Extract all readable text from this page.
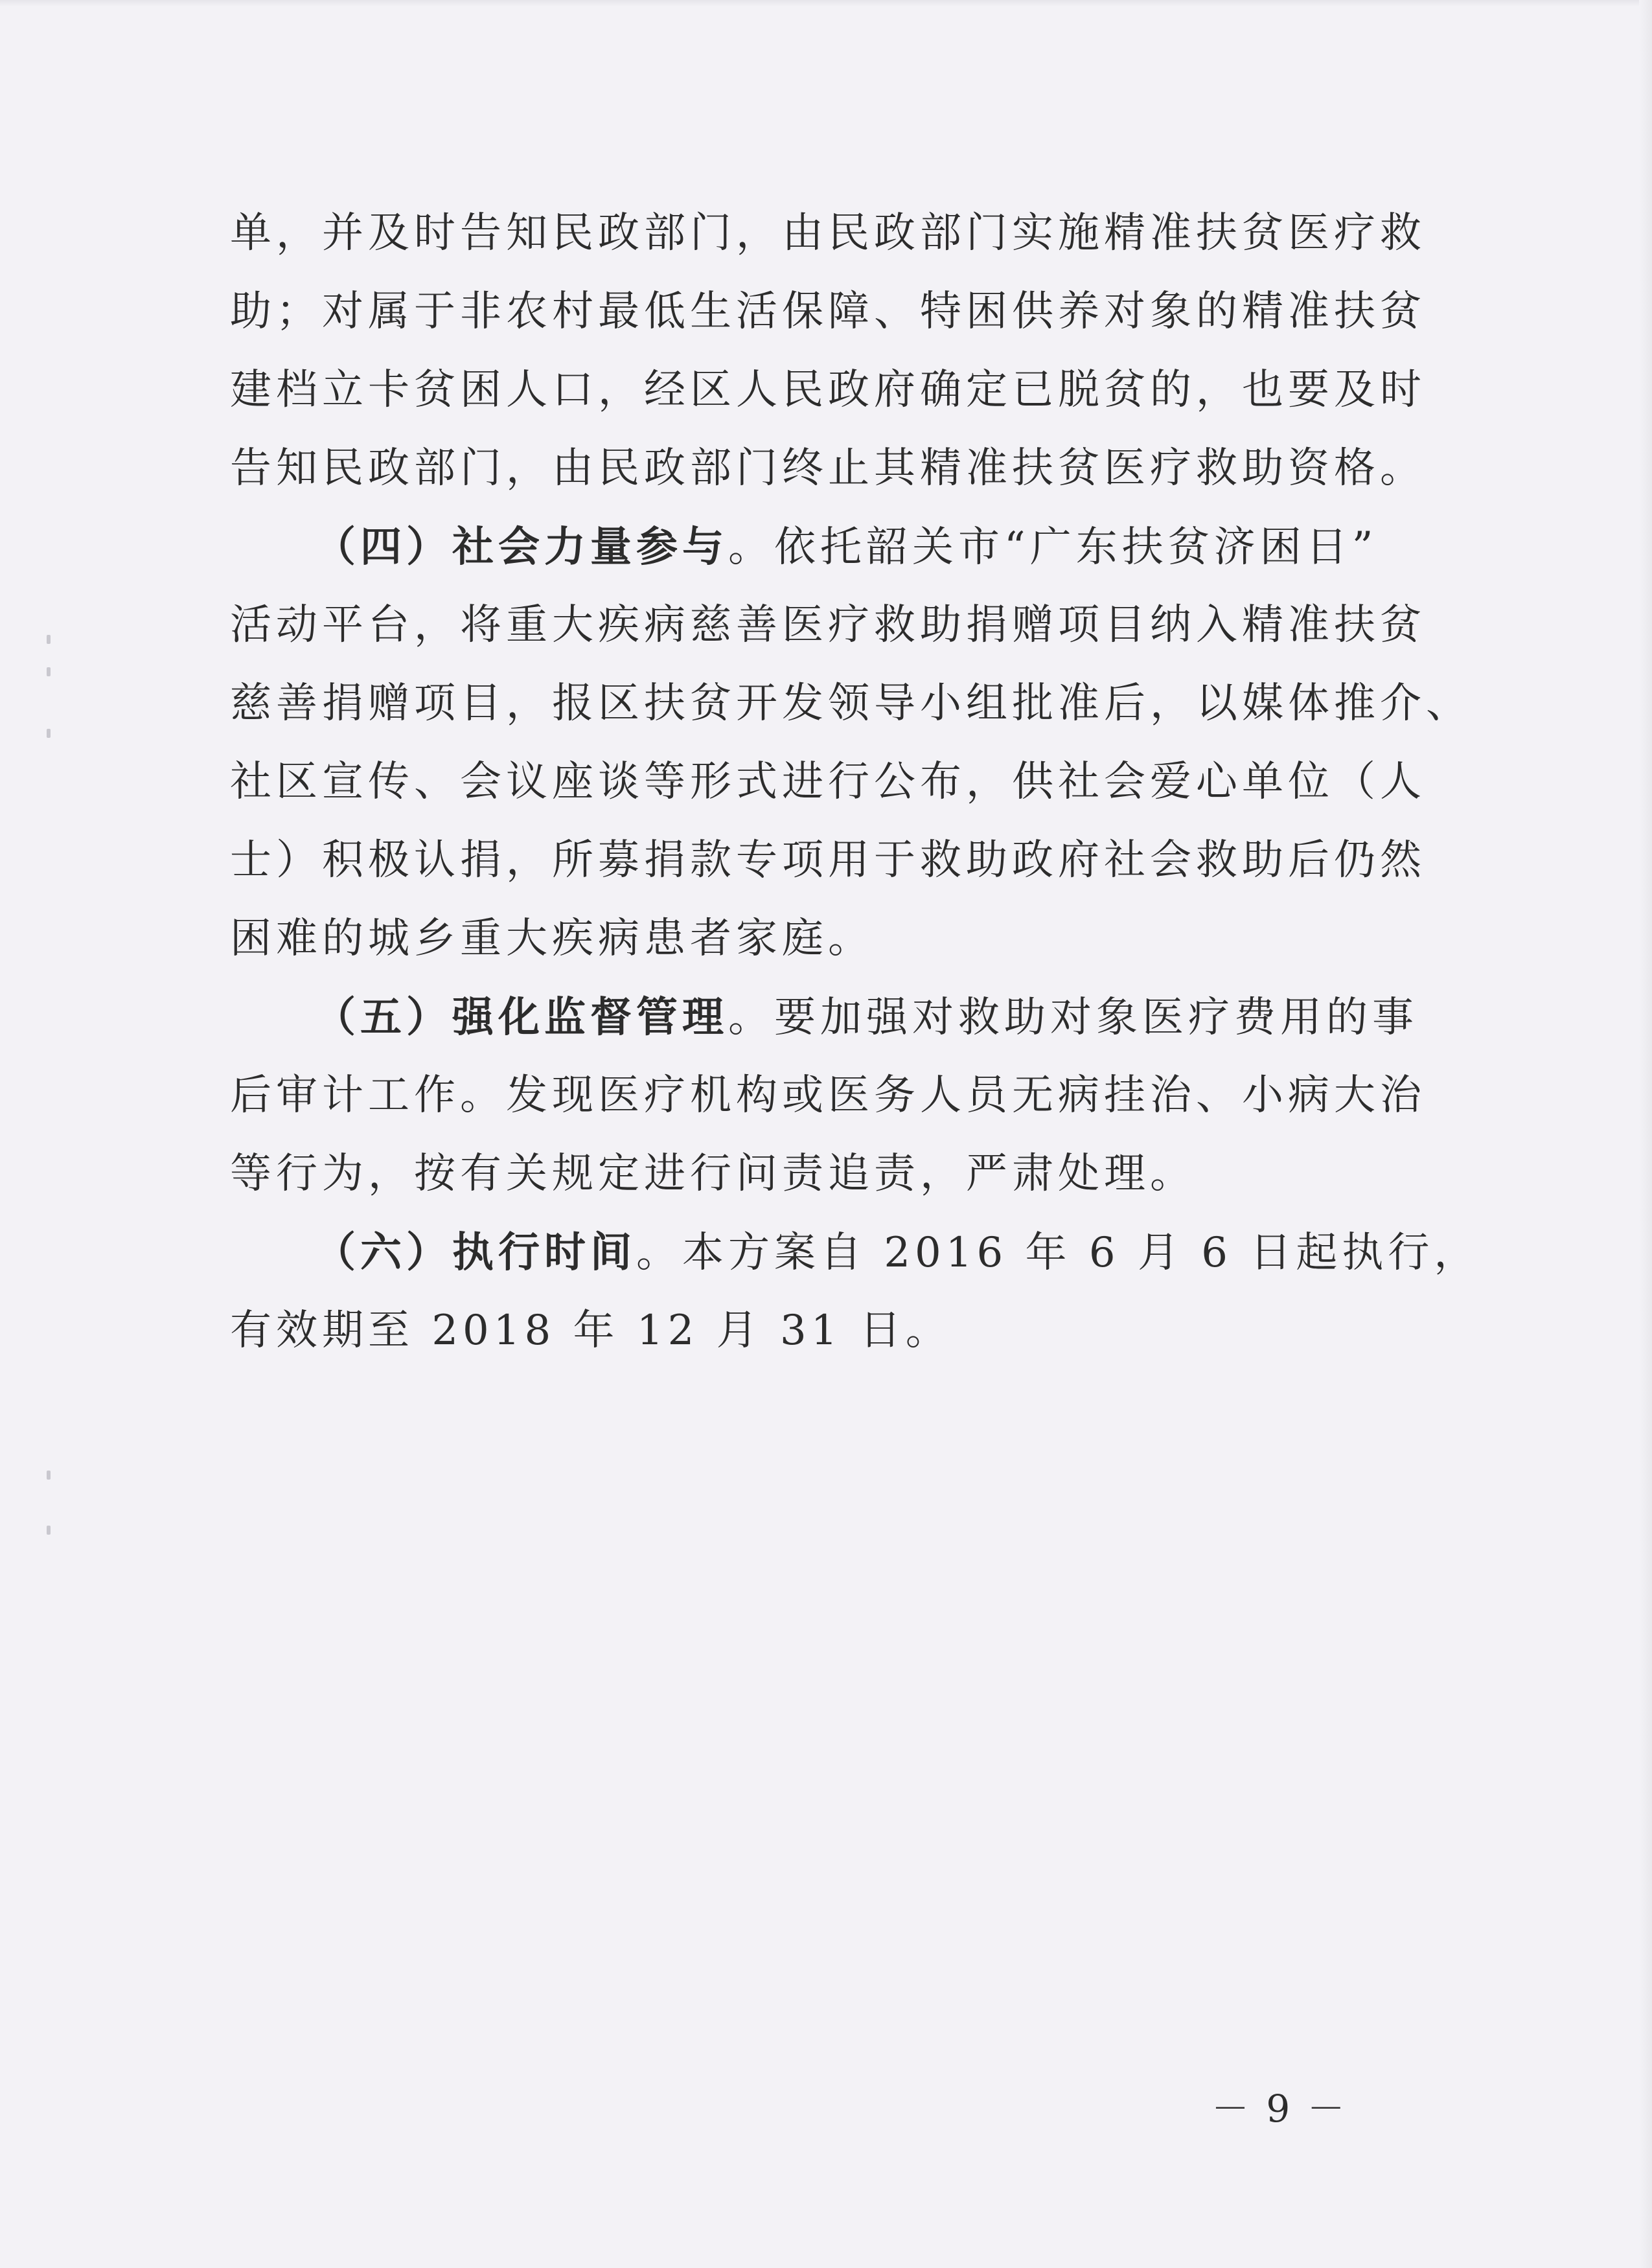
单，并及时告知民政部门，由民政部门实施精准扶贫医疗救
助；对属于非农村最低生活保障、特困供养对象的精准扶贫
建档立卡贫困人口，经区人民政府确定已脱贫的，也要及时
告知民政部门，由民政部门终止其精准扶贫医疗救助资格。
（四）社会力量参与。依托韶关市“广东扶贫济困日”
活动平台，将重大疾病慈善医疗救助捐赠项目纳入精准扶贫
慈善捐赠项目，报区扶贫开发领导小组批准后，以媒体推介、
社区宣传、会议座谈等形式进行公布，供社会爱心单位（人
士）积极认捐，所募捐款专项用于救助政府社会救助后仍然
困难的城乡重大疾病患者家庭。
（五）强化监督管理。要加强对救助对象医疗费用的事
后审计工作。发现医疗机构或医务人员无病挂治、小病大治
等行为，按有关规定进行问责追责，严肃处理。
（六）执行时间。本方案自 2016 年 6 月 6 日起执行，
有效期至 2018 年 12 月 31 日。
－ 9 －
